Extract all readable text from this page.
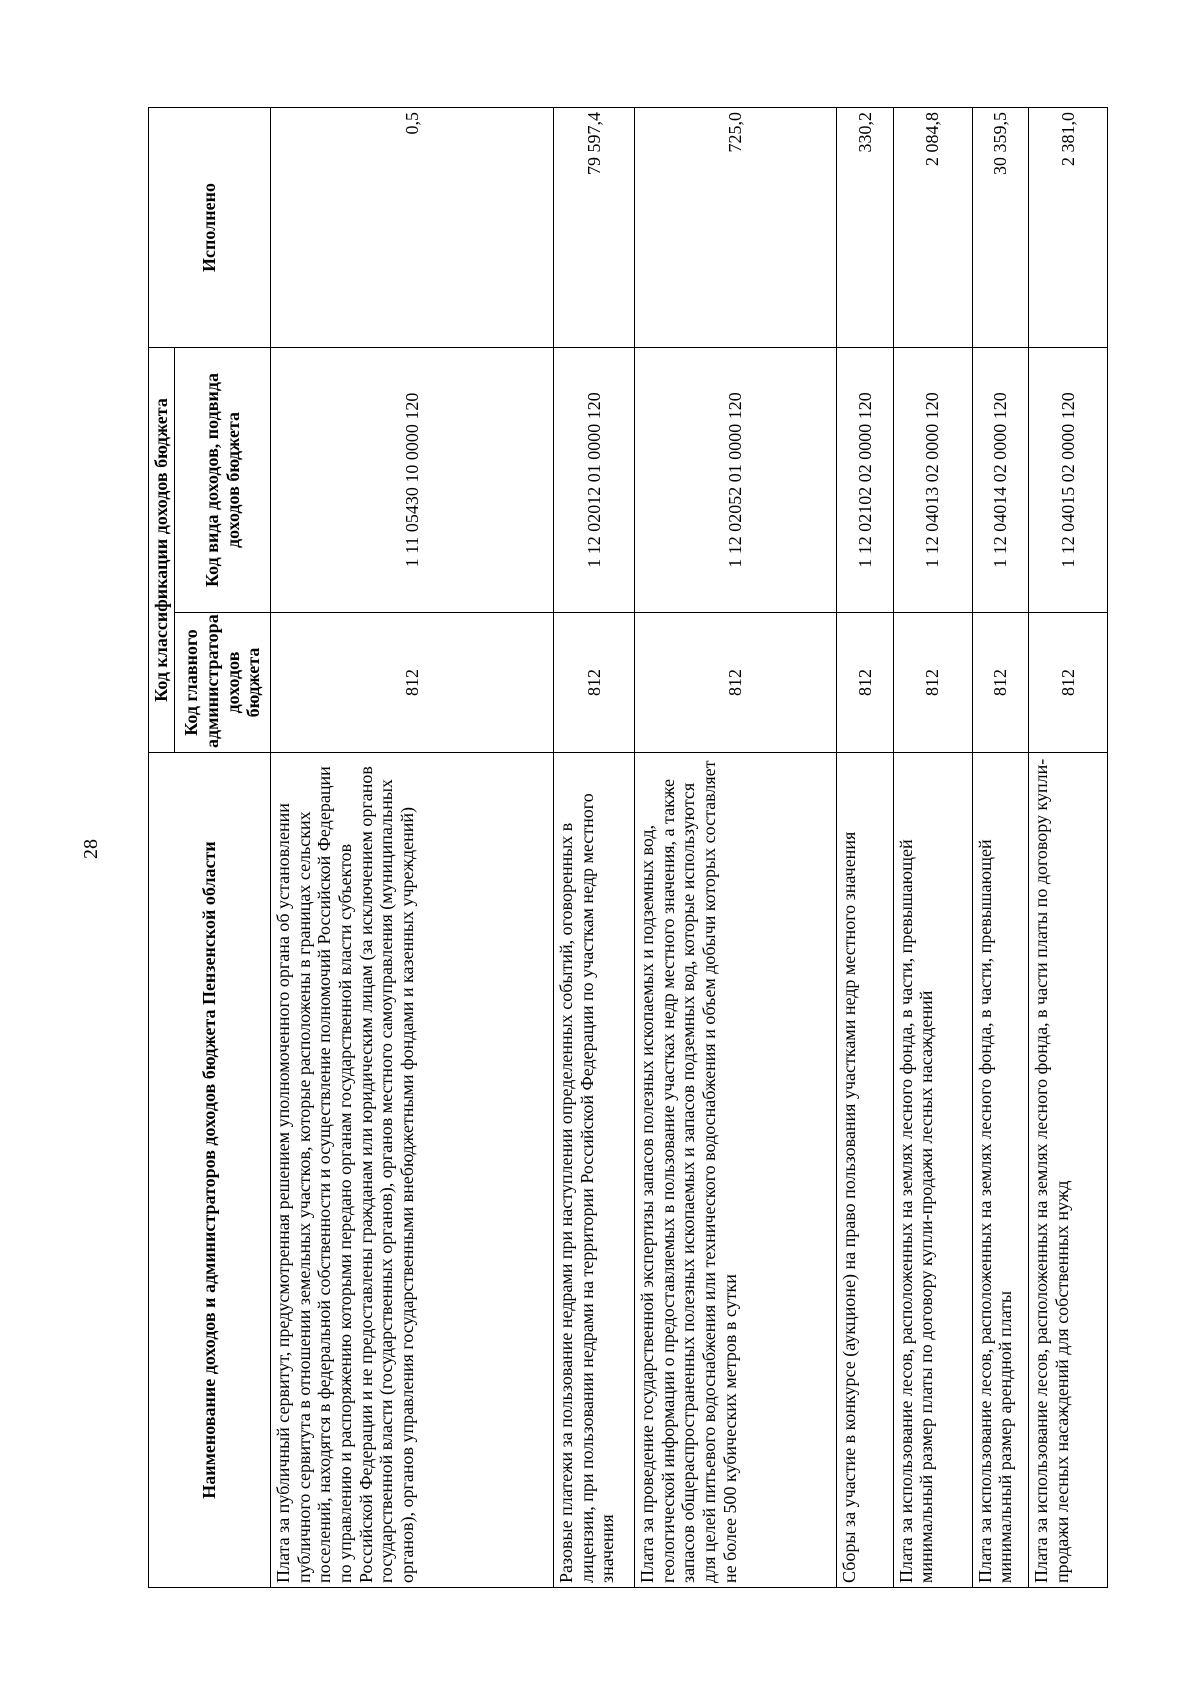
28	Наименование доходов и администраторов доходов бюджета Пензенской области	Код классификации доходов бюджета		Исполнено
	Код главного администратора доходов бюджета	Код вида доходов, подвида доходов бюджета	
Плата за публичный сервитут, предусмотренная решением уполномоченного органа об установлении публичного сервитута в отношении земельных участков, которые расположены в границах сельских поселений, находятся в федеральной собственности и осуществление полномочий Российской Федерации по управлению и распоряжению которыми передано органам государственной власти субъектов Российской Федерации и не предоставлены гражданам или юридическим лицам (за исключением органов государственной власти (государственных органов), органов местного самоуправления (муниципальных органов), органов управления государственными внебюджетными фондами и казенных учреждений)	812	1 11 05430 10 0000 120	0,5
Разовые платежи за пользование недрами при наступлении определенных событий, оговоренных в лицензии, при пользовании недрами на территории Российской Федерации по участкам недр местного значения	812	1 12 02012 01 0000 120	79 597,4
Плата за проведение государственной экспертизы запасов полезных ископаемых и подземных вод, геологической информации о предоставляемых в пользование участках недр местного значения, а также запасов общераспространенных полезных ископаемых и запасов подземных вод, которые используются для целей питьевого водоснабжения или технического водоснабжения и объем добычи которых составляет не более 500 кубических метров в сутки	812	1 12 02052 01 0000 120	725,0
Сборы за участие в конкурсе (аукционе) на право пользования участками недр местного значения	812	1 12 02102 02 0000 120	330,2
Плата за использование лесов, расположенных на землях лесного фонда, в части, превышающей минимальный размер платы по договору купли-продажи лесных насаждений	812	1 12 04013 02 0000 120	2 084,8
Плата за использование лесов, расположенных на землях лесного фонда, в части, превышающей минимальный размер арендной платы	812	1 12 04014 02 0000 120	30 359,5
Плата за использование лесов, расположенных на землях лесного фонда, в части платы по договору купли-продажи лесных насаждений для собственных нужд	812	1 12 04015 02 0000 120	2 381,0
